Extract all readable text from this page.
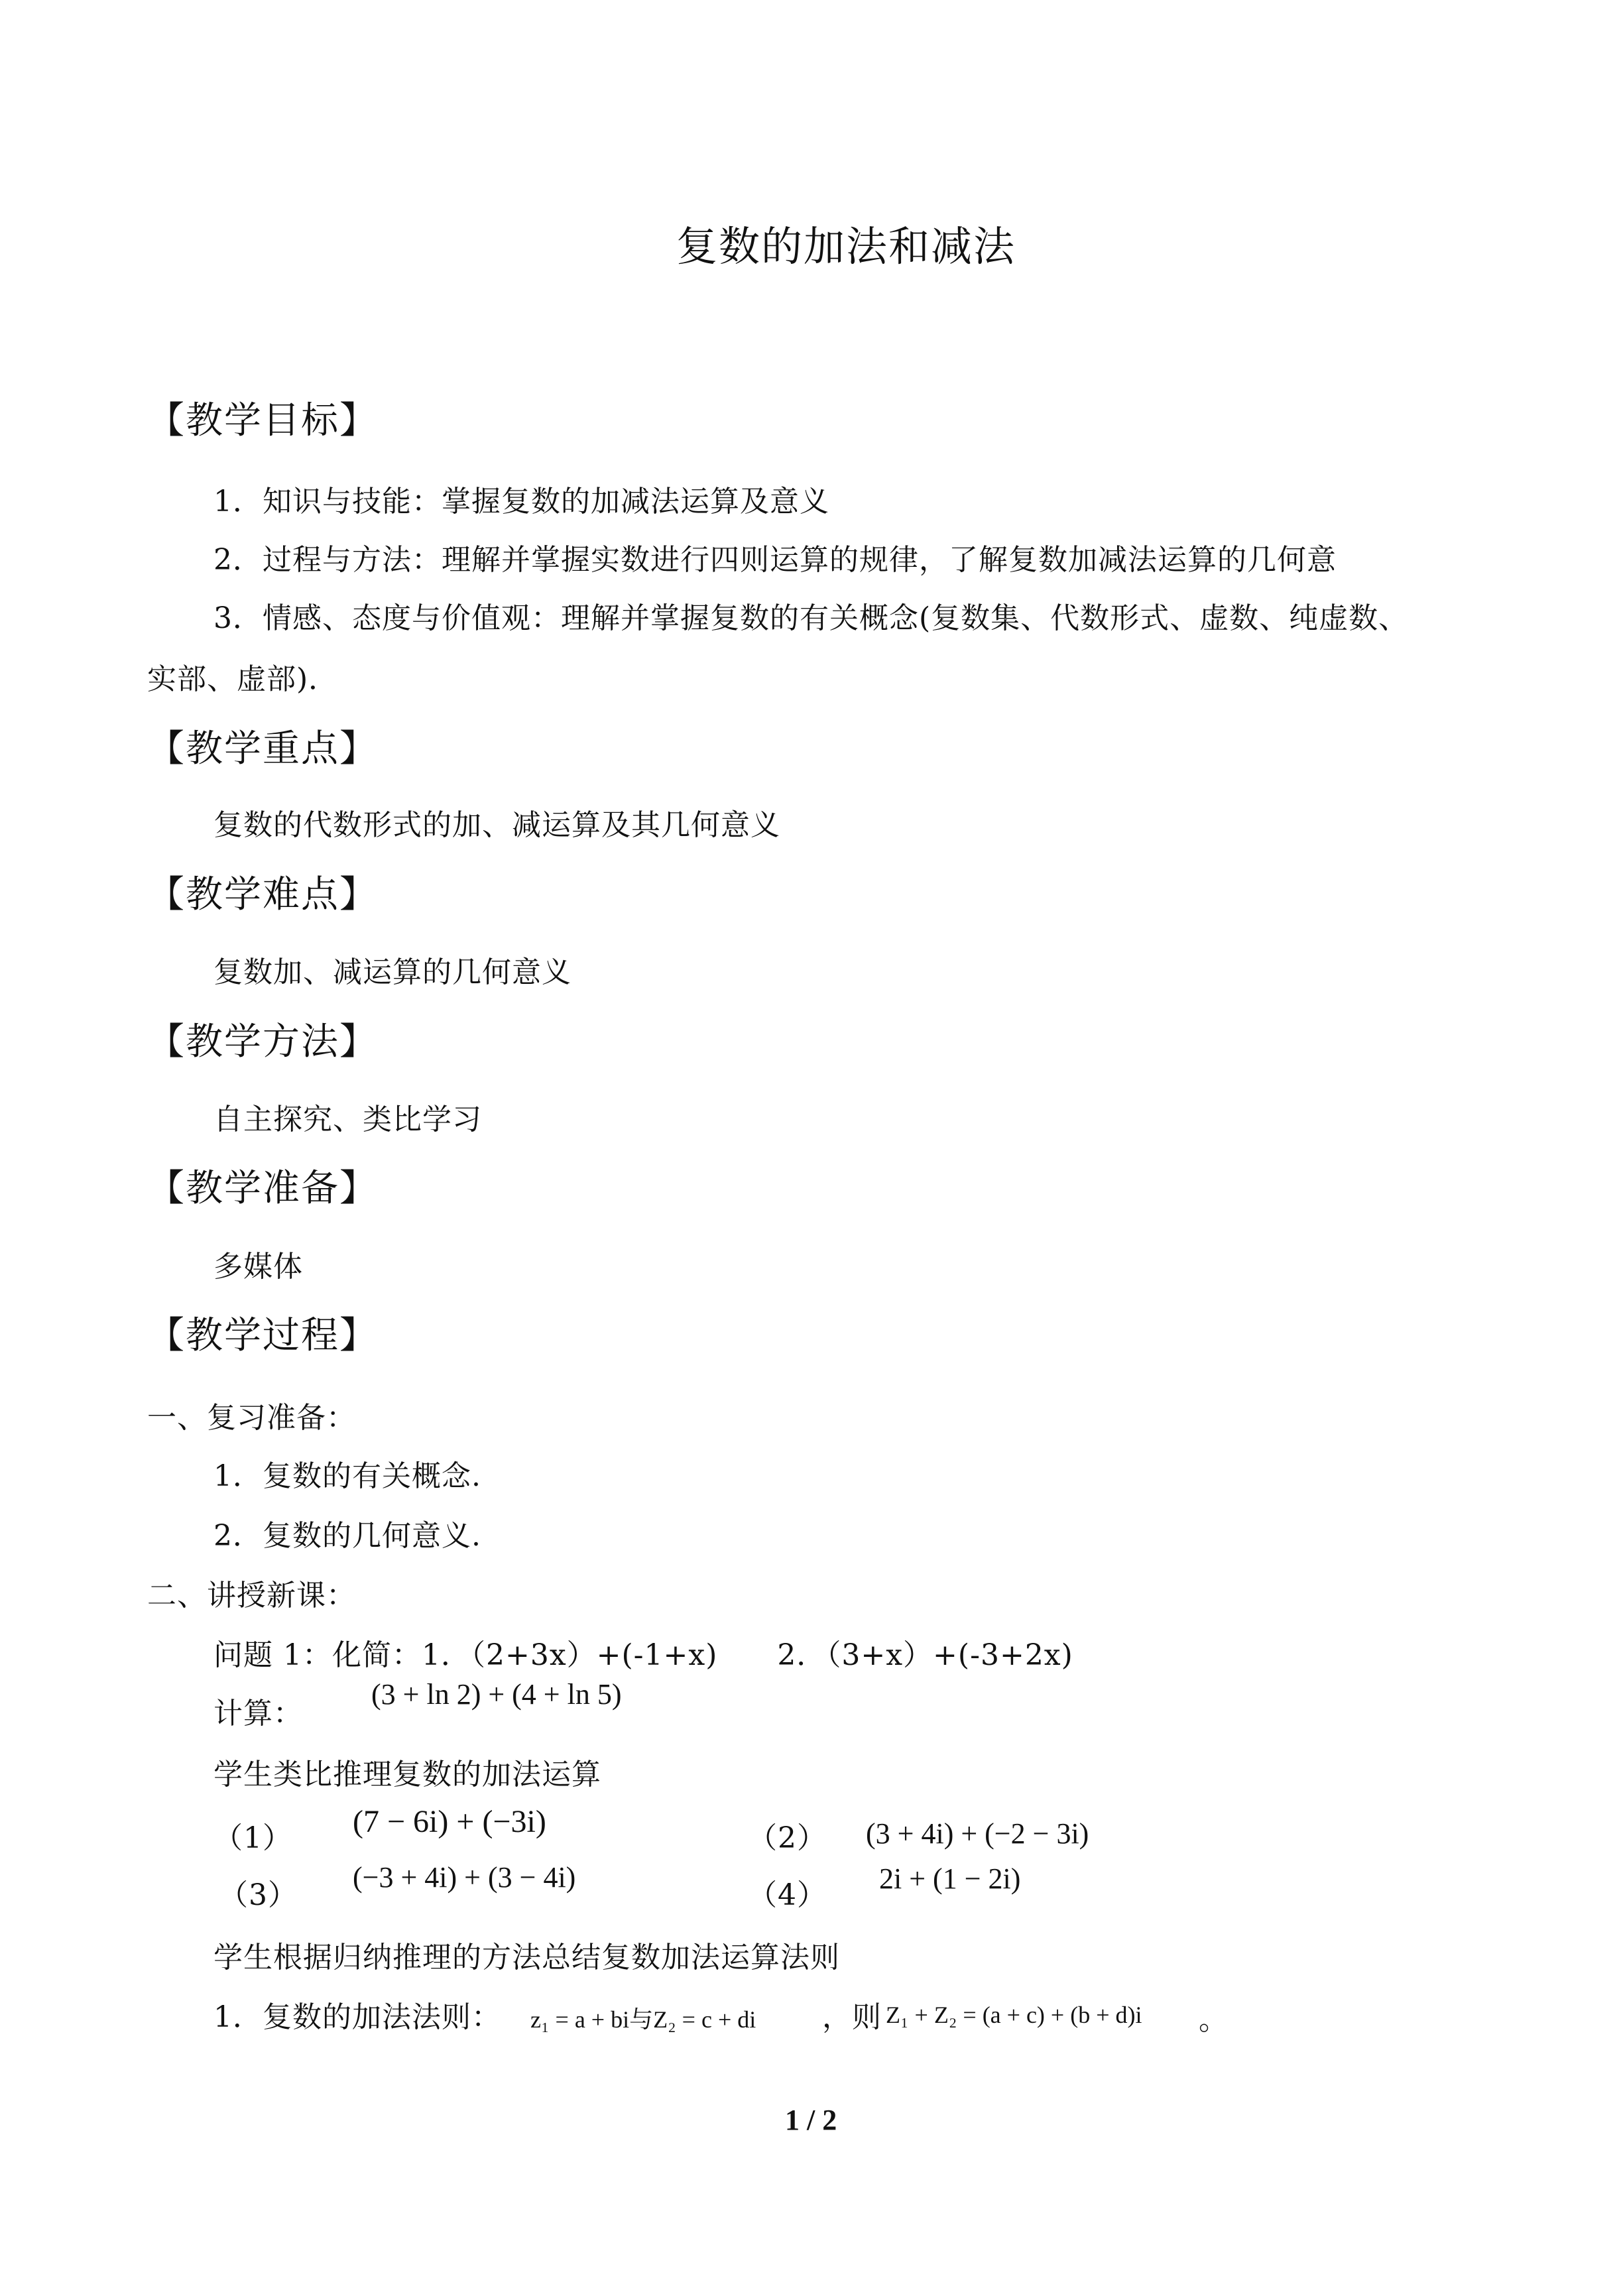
复数的加法和减法
【教学目标】
1．知识与技能：掌握复数的加减法运算及意义
2．过程与方法：理解并掌握实数进行四则运算的规律，了解复数加减法运算的几何意
3．情感、态度与价值观：理解并掌握复数的有关概念(复数集、代数形式、虚数、纯虚数、
实部、虚部)．
【教学重点】
复数的代数形式的加、减运算及其几何意义
【教学难点】
复数加、减运算的几何意义
【教学方法】
自主探究、类比学习
【教学准备】
多媒体
【教学过程】
一、复习准备：
1．复数的有关概念.
2．复数的几何意义.
二、讲授新课：
问题 1：化简：1．（2+3x）+(-1+x)　　2．（3+x）+(-3+2x)
计算：
(3 + ln 2) + (4 + ln 5)
学生类比推理复数的加法运算
（1） (7 − 6i) + (−3i)	（2） (3 + 4i) + (−2 − 3i)
（3）
(−3 + 4i) + (3 − 4i)
（4） 2i + (1 − 2i)
学生根据归纳推理的方法总结复数加法运算法则
1．复数的加法法则： z₁ = a + bi与Z₂ = c + di ，则 Z₁ + Z₂ = (a + c) + (b + d)i 。
1 / 2
